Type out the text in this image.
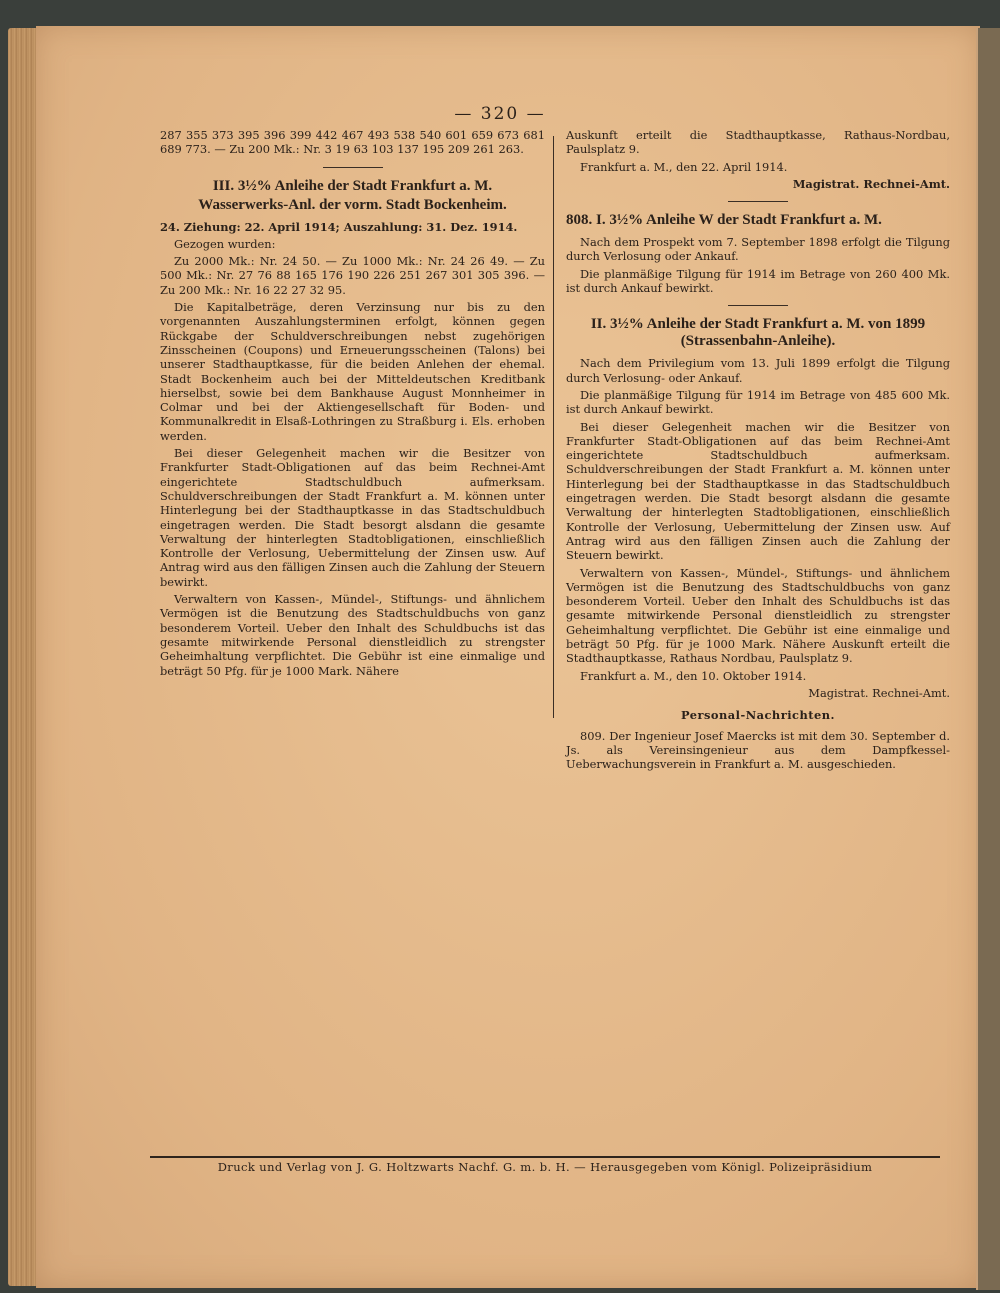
— 320 —

287 355 373 395 396 399 442 467 493 538 540 601 659 673 681 689 773. — Zu 200 Mk.: Nr. 3 19 63 103 137 195 209 261 263.

III. 3½% Anleihe der Stadt Frankfurt a. M.
Wasserwerks-Anl. der vorm. Stadt Bockenheim.

24. Ziehung: 22. April 1914; Auszahlung: 31. Dez. 1914.

Gezogen wurden:

Zu 2000 Mk.: Nr. 24 50. — Zu 1000 Mk.: Nr. 24 26 49. — Zu 500 Mk.: Nr. 27 76 88 165 176 190 226 251 267 301 305 396. — Zu 200 Mk.: Nr. 16 22 27 32 95.

Die Kapitalbeträge, deren Verzinsung nur bis zu den vorgenannten Auszahlungsterminen erfolgt, können gegen Rückgabe der Schuldverschreibungen nebst zugehörigen Zinsscheinen (Coupons) und Erneuerungsscheinen (Talons) bei unserer Stadthauptkasse, für die beiden Anlehen der ehemal. Stadt Bockenheim auch bei der Mitteldeutschen Kreditbank hierselbst, sowie bei dem Bankhause August Monnheimer in Colmar und bei der Aktiengesellschaft für Boden- und Kommunalkredit in Elsaß-Lothringen zu Straßburg i. Els. erhoben werden.

Bei dieser Gelegenheit machen wir die Besitzer von Frankfurter Stadt-Obligationen auf das beim Rechnei-Amt eingerichtete Stadtschuldbuch aufmerksam. Schuldverschreibungen der Stadt Frankfurt a. M. können unter Hinterlegung bei der Stadthauptkasse in das Stadtschuldbuch eingetragen werden. Die Stadt besorgt alsdann die gesamte Verwaltung der hinterlegten Stadtobligationen, einschließlich Kontrolle der Verlosung, Uebermittelung der Zinsen usw. Auf Antrag wird aus den fälligen Zinsen auch die Zahlung der Steuern bewirkt.

Verwaltern von Kassen-, Mündel-, Stiftungs- und ähnlichem Vermögen ist die Benutzung des Stadtschuldbuchs von ganz besonderem Vorteil. Ueber den Inhalt des Schuldbuchs ist das gesamte mitwirkende Personal dienstleidlich zu strengster Geheimhaltung verpflichtet. Die Gebühr ist eine einmalige und beträgt 50 Pfg. für je 1000 Mark. Nähere

Auskunft erteilt die Stadthauptkasse, Rathaus-Nordbau, Paulsplatz 9.

Frankfurt a. M., den 22. April 1914.

Magistrat. Rechnei-Amt.

808. I. 3½% Anleihe W der Stadt Frankfurt a. M.

Nach dem Prospekt vom 7. September 1898 erfolgt die Tilgung durch Verlosung oder Ankauf.

Die planmäßige Tilgung für 1914 im Betrage von 260 400 Mk. ist durch Ankauf bewirkt.

II. 3½% Anleihe der Stadt Frankfurt a. M. von 1899 (Strassenbahn-Anleihe).

Nach dem Privilegium vom 13. Juli 1899 erfolgt die Tilgung durch Verlosung- oder Ankauf.

Die planmäßige Tilgung für 1914 im Betrage von 485 600 Mk. ist durch Ankauf bewirkt.

Bei dieser Gelegenheit machen wir die Besitzer von Frankfurter Stadt-Obligationen auf das beim Rechnei-Amt eingerichtete Stadtschuldbuch aufmerksam. Schuldverschreibungen der Stadt Frankfurt a. M. können unter Hinterlegung bei der Stadthauptkasse in das Stadtschuldbuch eingetragen werden. Die Stadt besorgt alsdann die gesamte Verwaltung der hinterlegten Stadtobligationen, einschließlich Kontrolle der Verlosung, Uebermittelung der Zinsen usw. Auf Antrag wird aus den fälligen Zinsen auch die Zahlung der Steuern bewirkt.

Verwaltern von Kassen-, Mündel-, Stiftungs- und ähnlichem Vermögen ist die Benutzung des Stadtschuldbuchs von ganz besonderem Vorteil. Ueber den Inhalt des Schuldbuchs ist das gesamte mitwirkende Personal dienstleidlich zu strengster Geheimhaltung verpflichtet. Die Gebühr ist eine einmalige und beträgt 50 Pfg. für je 1000 Mark. Nähere Auskunft erteilt die Stadthauptkasse, Rathaus Nordbau, Paulsplatz 9.

Frankfurt a. M., den 10. Oktober 1914.

Magistrat. Rechnei-Amt.

Personal-Nachrichten.

809. Der Ingenieur Josef Maercks ist mit dem 30. September d. Js. als Vereinsingenieur aus dem Dampfkessel-Ueberwachungsverein in Frankfurt a. M. ausgeschieden.

Druck und Verlag von J. G. Holtzwarts Nachf. G. m. b. H. — Herausgegeben vom Königl. Polizeipräsidium
